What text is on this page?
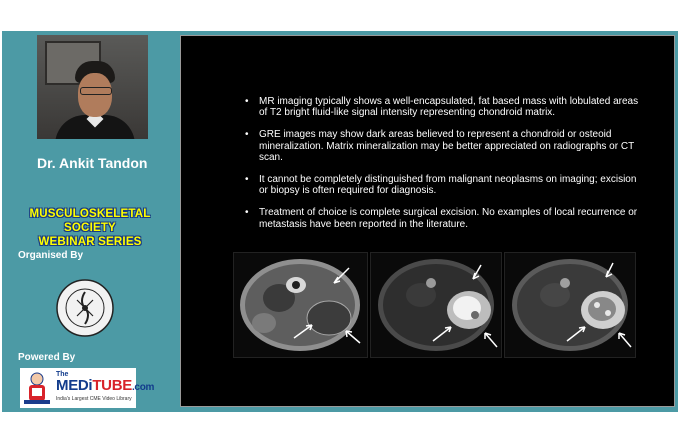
Dr. Ankit Tandon
MUSCULOSKELETAL SOCIETY
WEBINAR SERIES
Organised By
Powered By
The
MEDiTUBE.com
India's Largest CME Video Library
• MR imaging typically shows a well-encapsulated, fat based mass with lobulated areas of T2 bright fluid-like signal intensity representing chondroid matrix.
• GRE images may show dark areas believed to represent a chondroid or osteoid mineralization. Matrix mineralization may be better appreciated on radiographs or CT scan.
• It cannot be completely distinguished from malignant neoplasms on imaging; excision or biopsy is often required for diagnosis.
• Treatment of choice is complete surgical excision. No examples of local recurrence or metastasis have been reported in the literature.
